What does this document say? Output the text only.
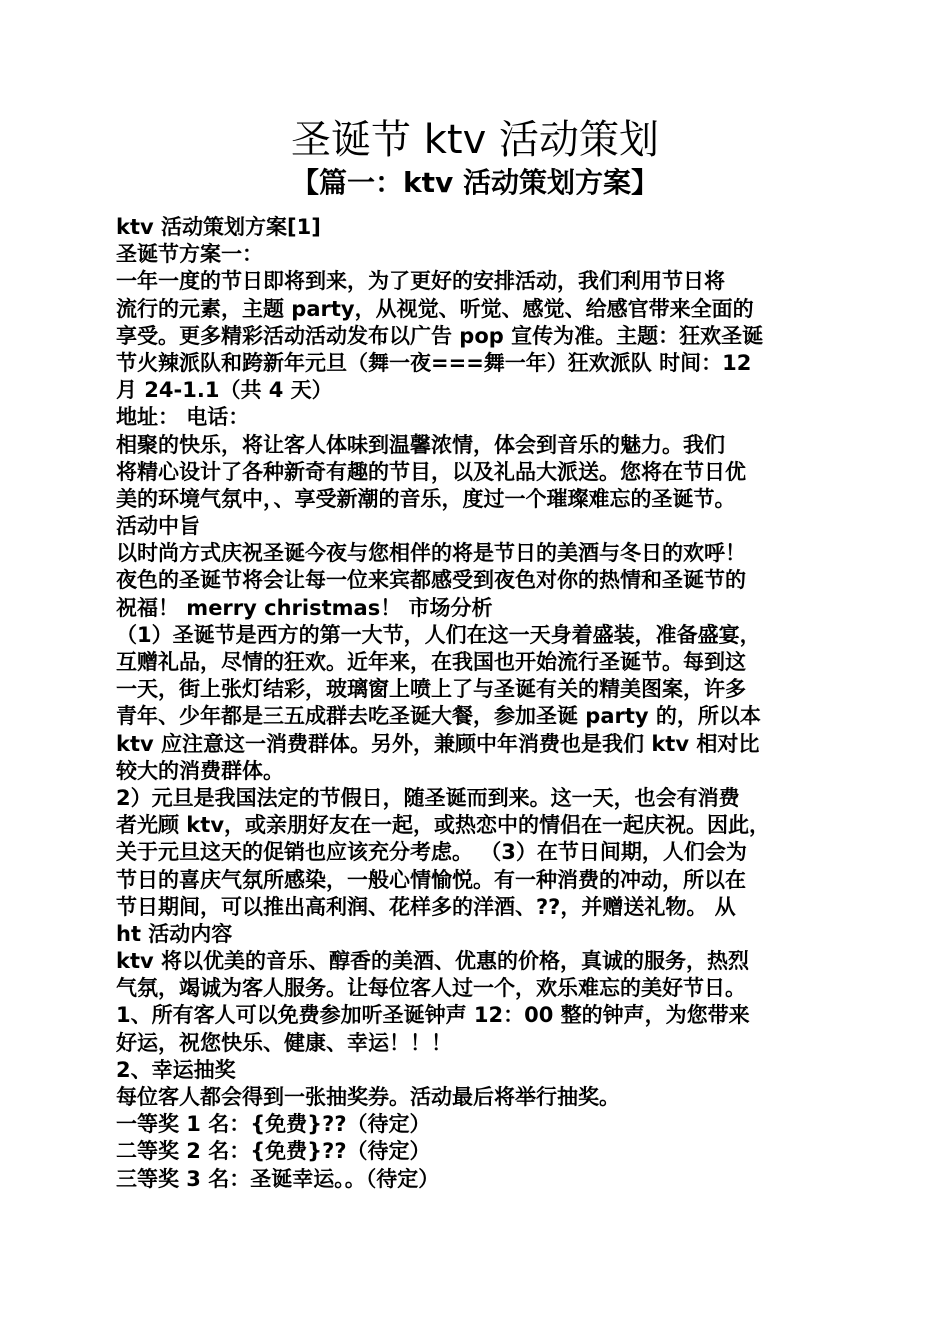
圣诞节 ktv 活动策划
【篇一：ktv 活动策划方案】
ktv 活动策划方案[1]
圣诞节方案一：
一年一度的节日即将到来，为了更好的安排活动，我们利用节日将
流行的元素，主题 party，从视觉、听觉、感觉、给感官带来全面的
享受。更多精彩活动活动发布以广告 pop 宣传为准。主题：狂欢圣诞
节火辣派队和跨新年元旦（舞一夜===舞一年）狂欢派队 时间：12
月 24-1.1（共 4 天）
地址： 电话：
相聚的快乐，将让客人体味到温馨浓情，体会到音乐的魅力。我们
将精心设计了各种新奇有趣的节目，以及礼品大派送。您将在节日优
美的环境气氛中，、享受新潮的音乐，度过一个璀璨难忘的圣诞节。
活动中旨
以时尚方式庆祝圣诞今夜与您相伴的将是节日的美酒与冬日的欢呼！
夜色的圣诞节将会让每一位来宾都感受到夜色对你的热情和圣诞节的
祝福！ merry christmas！ 市场分析
（1）圣诞节是西方的第一大节，人们在这一天身着盛装，准备盛宴，
互赠礼品，尽情的狂欢。近年来，在我国也开始流行圣诞节。每到这
一天，街上张灯结彩，玻璃窗上喷上了与圣诞有关的精美图案，许多
青年、少年都是三五成群去吃圣诞大餐，参加圣诞 party 的，所以本
ktv 应注意这一消费群体。另外，兼顾中年消费也是我们 ktv 相对比
较大的消费群体。
2）元旦是我国法定的节假日，随圣诞而到来。这一天，也会有消费
者光顾 ktv，或亲朋好友在一起，或热恋中的情侣在一起庆祝。因此，
关于元旦这天的促销也应该充分考虑。 （3）在节日间期，人们会为
节日的喜庆气氛所感染，一般心情愉悦。有一种消费的冲动，所以在
节日期间，可以推出高利润、花样多的洋酒、??，并赠送礼物。 从
ht 活动内容
ktv 将以优美的音乐、醇香的美酒、优惠的价格，真诚的服务，热烈
气氛，竭诚为客人服务。让每位客人过一个，欢乐难忘的美好节日。
1、所有客人可以免费参加听圣诞钟声 12：00 整的钟声，为您带来
好运，祝您快乐、健康、幸运！！！
2、幸运抽奖
每位客人都会得到一张抽奖券。活动最后将举行抽奖。
一等奖 1 名：{免费}??（待定）
二等奖 2 名：{免费}??（待定）
三等奖 3 名：圣诞幸运。。（待定）
